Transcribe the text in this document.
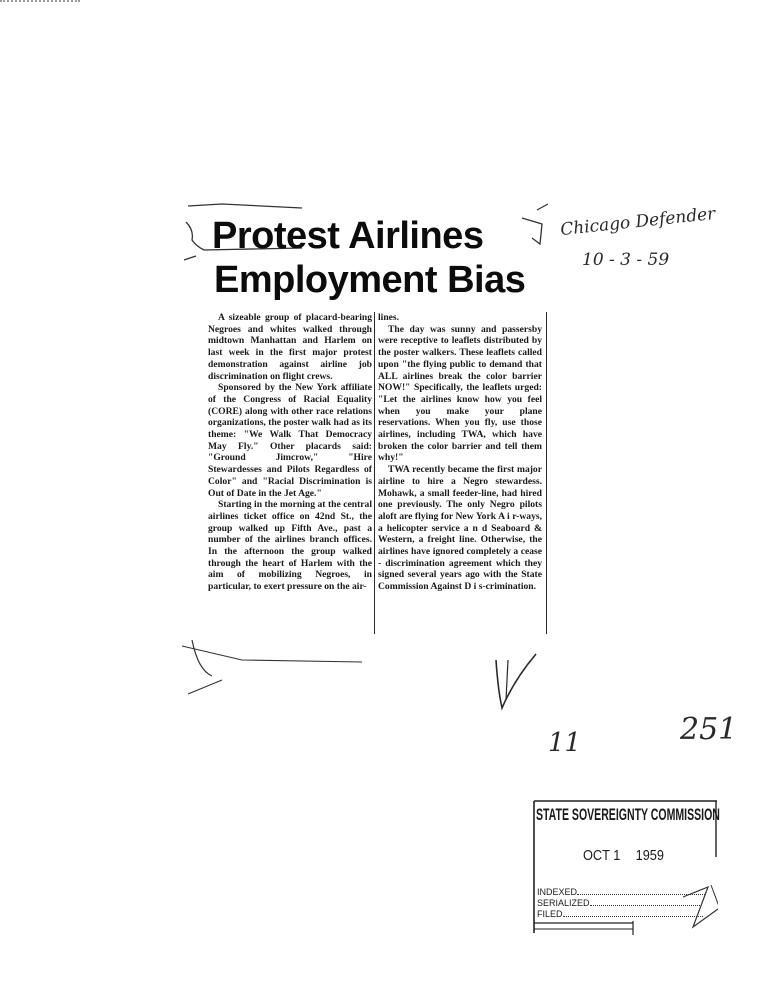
Protest Airlines
Employment Bias

A sizeable group of placard-bearing Negroes and whites walked through midtown Manhattan and Harlem on last week in the first major protest demonstration against airline job discrimination on flight crews.

Sponsored by the New York affiliate of the Congress of Racial Equality (CORE) along with other race relations organizations, the poster walk had as its theme: "We Walk That Democracy May Fly." Other placards said: "Ground Jimcrow," "Hire Stewardesses and Pilots Regardless of Color" and "Racial Discrimination is Out of Date in the Jet Age."

Starting in the morning at the central airlines ticket office on 42nd St., the group walked up Fifth Ave., past a number of the airlines branch offices. In the afternoon the group walked through the heart of Harlem with the aim of mobilizing Negroes, in particular, to exert pressure on the air-

lines.

The day was sunny and passersby were receptive to leaflets distributed by the poster walkers. These leaflets called upon "the flying public to demand that ALL airlines break the color barrier NOW!" Specifically, the leaflets urged: "Let the airlines know how you feel when you make your plane reservations. When you fly, use those airlines, including TWA, which have broken the color barrier and tell them why!"

TWA recently became the first major airline to hire a Negro stewardess. Mohawk, a small feeder-line, had hired one previously. The only Negro pilots aloft are flying for New York A i r-ways, a helicopter service a n d Seaboard & Western, a freight line. Otherwise, the airlines have ignored completely a cease - discrimination agreement which they signed several years ago with the State Commission Against D i s-crimination.

Chicago Defender
10 - 3 - 59
11	251
STATE SOVEREIGNTY COMMISSION
OCT 1 1959
INDEXED
SERIALIZED
FILED
